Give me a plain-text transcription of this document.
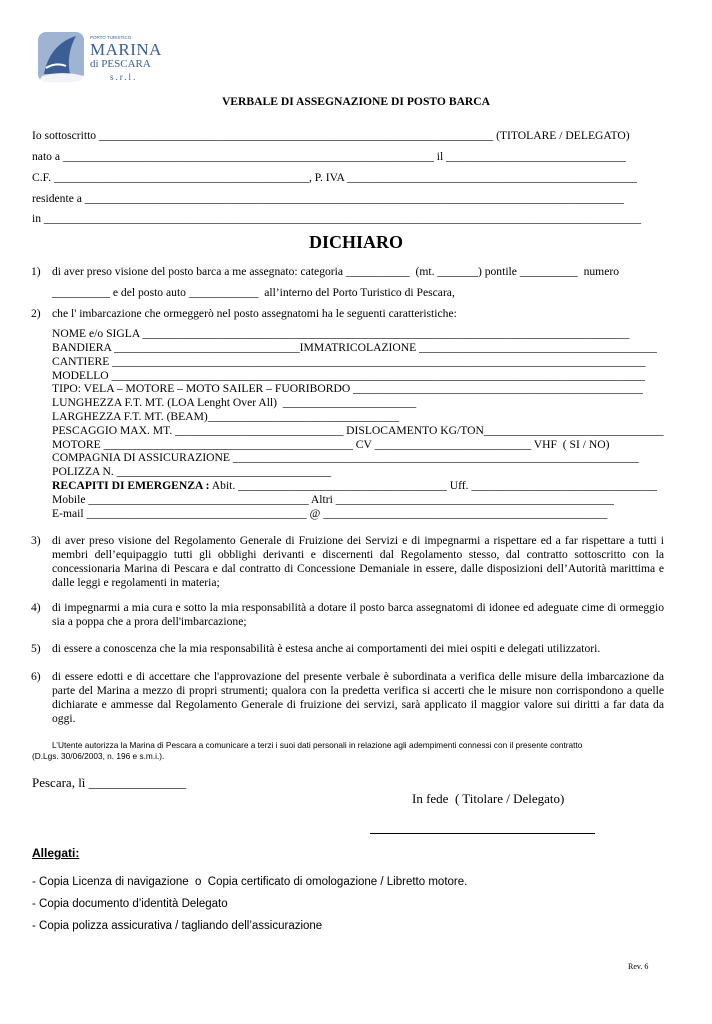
PORTO TURISTICO
MARINA
di PESCARA
s.r.l.
VERBALE DI ASSEGNAZIONE DI POSTO BARCA
Io sottoscritto ____________________________________________________________________ (TITOLARE / DELEGATO)
nato a ________________________________________________________________ il _______________________________
C.F. ____________________________________________, P. IVA __________________________________________________
residente a _____________________________________________________________________________________________
in _______________________________________________________________________________________________________
DICHIARO
1) di aver preso visione del posto barca a me assegnato: categoria ___________  (mt. _______) pontile __________  numero
__________ e del posto auto ____________  all’interno del Porto Turistico di Pescara,
2) che l' imbarcazione che ormeggerò nel posto assegnatomi ha le seguenti caratteristiche:
NOME e/o SIGLA ____________________________________________________________________________________
BANDIERA ________________________________IMMATRICOLAZIONE _________________________________________
CANTIERE ____________________________________________________________________________________________
MODELLO ____________________________________________________________________________________________
TIPO: VELA – MOTORE – MOTO SAILER – FUORIBORDO __________________________________________________
LUNGHEZZA F.T. MT. (LOA Lenght Over All)  _______________________
LARGHEZZA F.T. MT. (BEAM)_________________________________
PESCAGGIO MAX. MT. _____________________________ DISLOCAMENTO KG/TON_______________________________
MOTORE ___________________________________________ CV ___________________________ VHF  ( SI / NO)
COMPAGNIA DI ASSICURAZIONE ______________________________________________________________________
POLIZZA N. _____________________________________
RECAPITI DI EMERGENZA : Abit. ____________________________________ Uff. ________________________________
Mobile ______________________________________ Altri ________________________________________________
E-mail ______________________________________ @ _________________________________________________
3) di aver preso visione del Regolamento Generale di Fruizione dei Servizi e di impegnarmi a rispettare ed a far rispettare a tutti i membri dell’equipaggio tutti gli obblighi derivanti e discernenti dal Regolamento stesso, dal contratto sottoscritto con la concessionaria Marina di Pescara e dal contratto di Concessione Demaniale in essere, dalle disposizioni dell’Autorità marittima e dalle leggi e regolamenti in materia;

4) di impegnarmi a mia cura e sotto la mia responsabilità a dotare il posto barca assegnatomi di idonee ed adeguate cime di ormeggio sia a poppa che a prora dell'imbarcazione;

5) di essere a conoscenza che la mia responsabilità è estesa anche ai comportamenti dei miei ospiti e delegati utilizzatori.

6) di essere edotti e di accettare che l'approvazione del presente verbale è subordinata a verifica delle misure della imbarcazione da parte del Marina a mezzo di propri strumenti; qualora con la predetta verifica si accerti che le misure non corrispondono a quelle dichiarate e ammesse dal Regolamento Generale di fruizione dei servizi, sarà applicato il maggior valore sui diritti a far data da oggi.

L’Utente autorizza la Marina di Pescara a comunicare a terzi i suoi dati personali in relazione agli adempimenti connessi con il presente contratto
(D.Lgs. 30/06/2003, n. 196 e s.m.i.).
Pescara, lì _______________
In fede  ( Titolare / Delegato)
Allegati:
- Copia Licenza di navigazione  o  Copia certificato di omologazione / Libretto motore.
- Copia documento d’identità Delegato
- Copia polizza assicurativa / tagliando dell’assicurazione
Rev. 6
